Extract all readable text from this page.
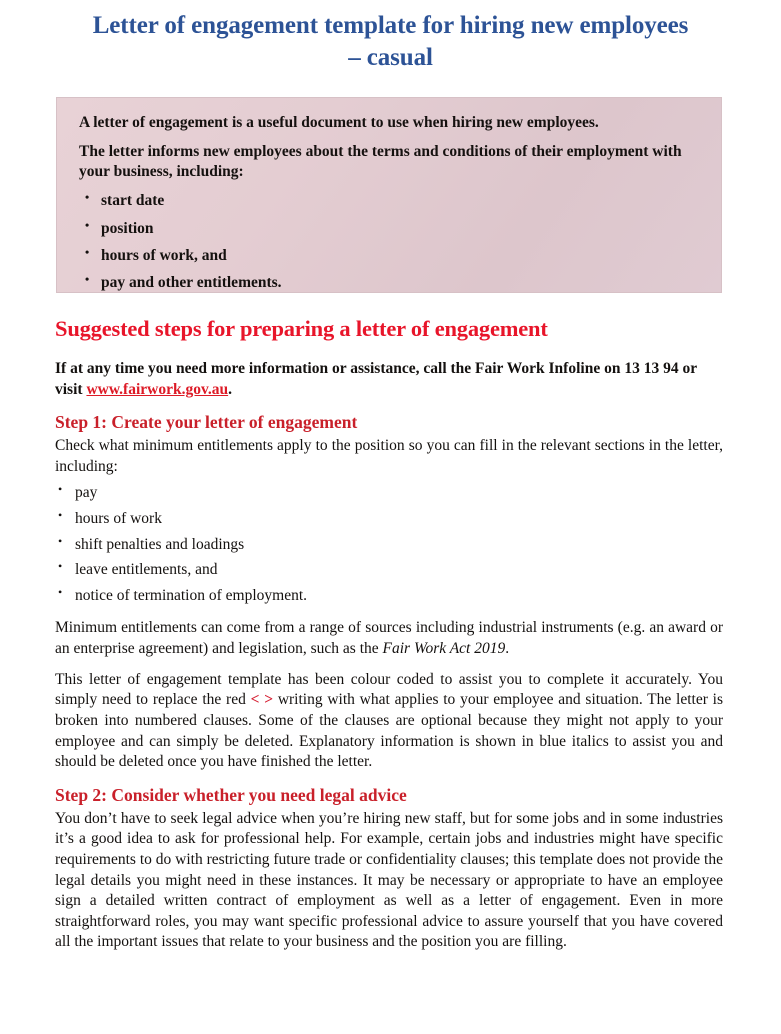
Letter of engagement template for hiring new employees – casual

A letter of engagement is a useful document to use when hiring new employees.

The letter informs new employees about the terms and conditions of their employment with your business, including:

• start date
• position
• hours of work, and
• pay and other entitlements.
Suggested steps for preparing a letter of engagement

If at any time you need more information or assistance, call the Fair Work Infoline on 13 13 94 or visit www.fairwork.gov.au.

Step 1: Create your letter of engagement

Check what minimum entitlements apply to the position so you can fill in the relevant sections in the letter, including:

• pay
• hours of work
• shift penalties and loadings
• leave entitlements, and
• notice of termination of employment.

Minimum entitlements can come from a range of sources including industrial instruments (e.g. an award or an enterprise agreement) and legislation, such as the Fair Work Act 2019.

This letter of engagement template has been colour coded to assist you to complete it accurately. You simply need to replace the red < > writing with what applies to your employee and situation. The letter is broken into numbered clauses. Some of the clauses are optional because they might not apply to your employee and can simply be deleted. Explanatory information is shown in blue italics to assist you and should be deleted once you have finished the letter.

Step 2: Consider whether you need legal advice

You don’t have to seek legal advice when you’re hiring new staff, but for some jobs and in some industries it’s a good idea to ask for professional help. For example, certain jobs and industries might have specific requirements to do with restricting future trade or confidentiality clauses; this template does not provide the legal details you might need in these instances. It may be necessary or appropriate to have an employee sign a detailed written contract of employment as well as a letter of engagement. Even in more straightforward roles, you may want specific professional advice to assure yourself that you have covered all the important issues that relate to your business and the position you are filling.
